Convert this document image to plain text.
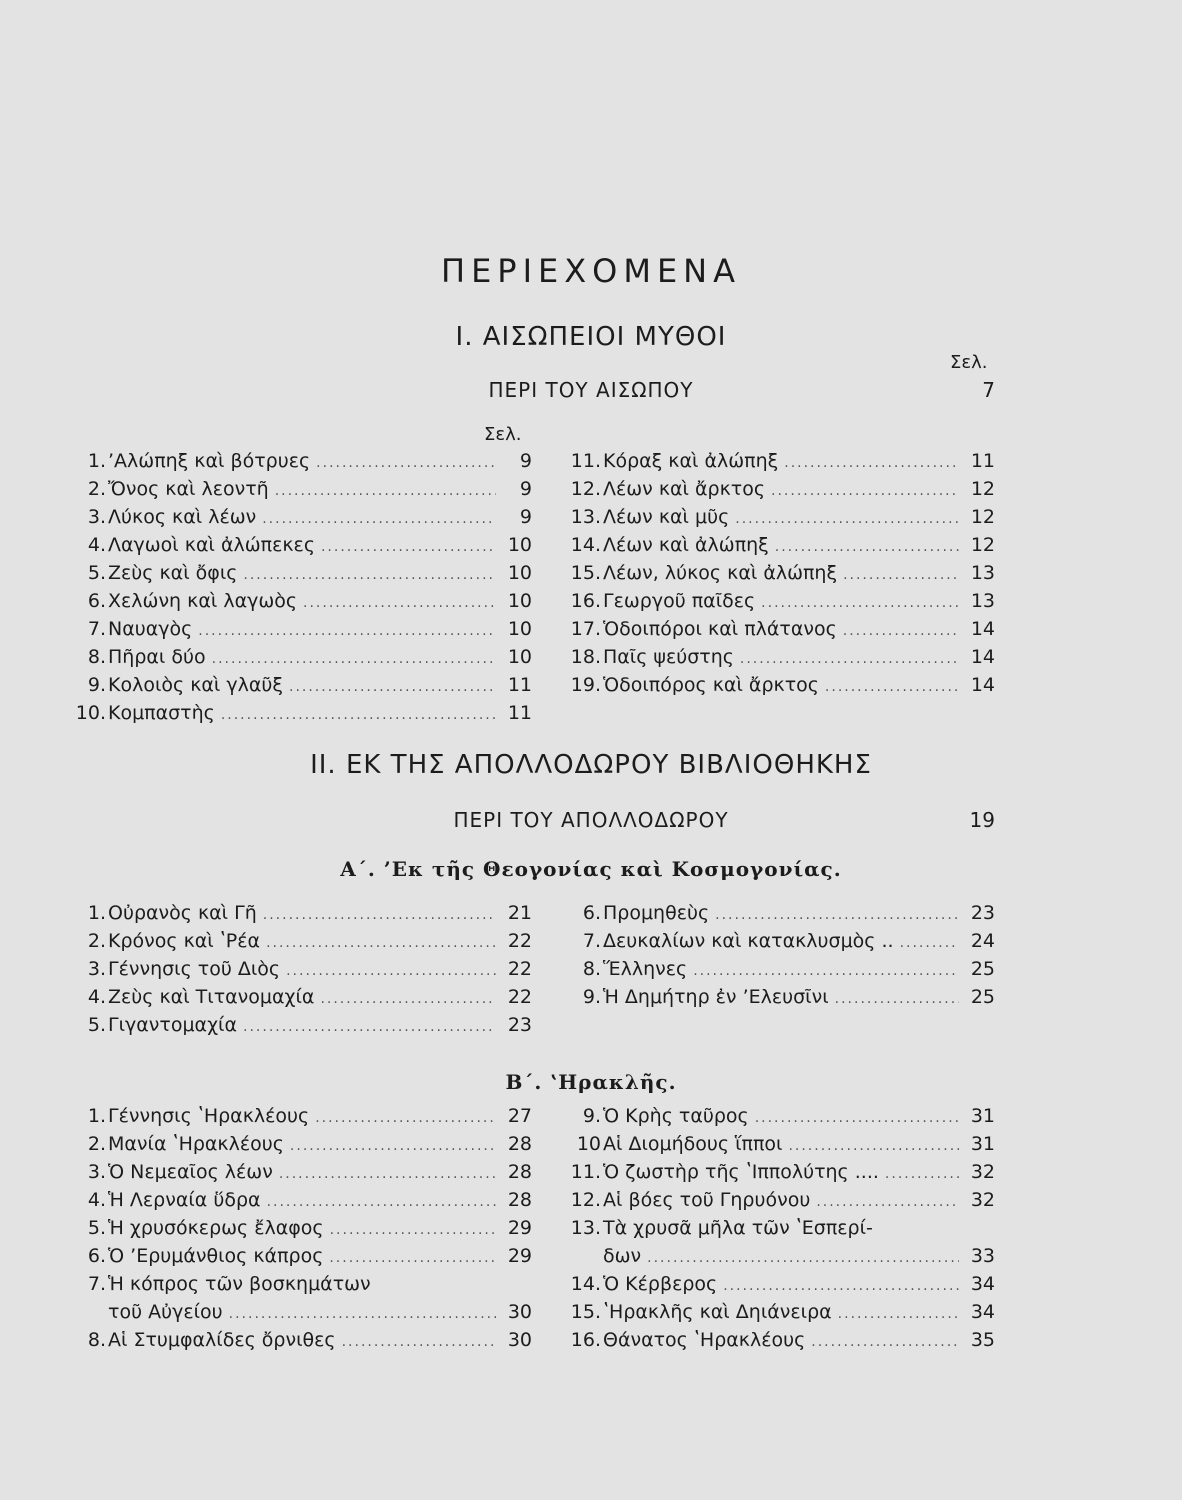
ΠΕΡΙΕΧΟΜΕΝΑ
I. ΑΙΣΩΠΕΙΟΙ ΜΥΘΟΙ
Σελ.
ΠΕΡΙ ΤΟΥ ΑΙΣΩΠΟΥ	7
Σελ.
1. ’Αλώπηξ καὶ βότρυες .....	9
2. Ὄνος καὶ λεοντῆ .....	9
3. Λύκος καὶ λέων .....	9
4. Λαγωοὶ καὶ ἀλώπεκες .....	10
5. Ζεὺς καὶ ὄφις .....	10
6. Χελώνη καὶ λαγωὸς .....	10
7. Ναυαγὸς .....	10
8. Πῆραι δύο .....	10
9. Κολοιὸς καὶ γλαῦξ .....	11
10. Κομπαστὴς .....	11
11. Κόραξ καὶ ἀλώπηξ .....	11
12. Λέων καὶ ἄρκτος .....	12
13. Λέων καὶ μῦς .....	12
14. Λέων καὶ ἀλώπηξ .....	12
15. Λέων, λύκος καὶ ἀλώπηξ .....	13
16. Γεωργοῦ παῖδες .....	13
17. Ὁδοιπόροι καὶ πλάτανος .....	14
18. Παῖς ψεύστης .....	14
19. Ὁδοιπόρος καὶ ἄρκτος .....	14
II. ΕΚ ΤΗΣ ΑΠΟΛΛΟΔΩΡΟΥ ΒΙΒΛΙΟΘΗΚΗΣ
ΠΕΡΙ ΤΟΥ ΑΠΟΛΛΟΔΩΡΟΥ	19
Α΄. ’Εκ τῆς Θεογονίας καὶ Κοσμογονίας.
1. Οὐρανὸς καὶ Γῆ .....	21
2. Κρόνος καὶ ʽΡέα .....	22
3. Γέννησις τοῦ Διὸς .....	22
4. Ζεὺς καὶ Τιτανομαχία .....	22
5. Γιγαντομαχία .....	23
6. Προμηθεὺς .....	23
7. Δευκαλίων καὶ κατακλυσμὸς .. .....	24
8. Ἕλληνες .....	25
9. Ἡ Δημήτηρ ἐν ’Ελευσῖνι .....	25
Β΄. ʽΗρακλῆς.
1. Γέννησις ʽΗρακλέους .....	27
2. Μανία ʽΗρακλέους .....	28
3. Ὁ Νεμεαῖος λέων .....	28
4. Ἡ Λερναία ὕδρα .....	28
5. Ἡ χρυσόκερως ἔλαφος .....	29
6. Ὁ ’Ερυμάνθιος κάπρος .....	29
7. Ἡ κόπρος τῶν βοσκημάτων
τοῦ Αὐγείου .....	30
8. Αἱ Στυμφαλίδες ὄρνιθες .....	30
9. Ὁ Κρὴς ταῦρος .....	31
10 Αἱ Διομήδους ἵπποι .....	31
11. Ὁ ζωστὴρ τῆς ʽΙππολύτης .... .....	32
12. Αἱ βόες τοῦ Γηρυόνου .....	32
13. Τὰ χρυσᾶ μῆλα τῶν ʽΕσπερί-
δων .....	33
14. Ὁ Κέρβερος .....	34
15. ʽΗρακλῆς καὶ Δηιάνειρα .....	34
16. Θάνατος ʽΗρακλέους .....	35
